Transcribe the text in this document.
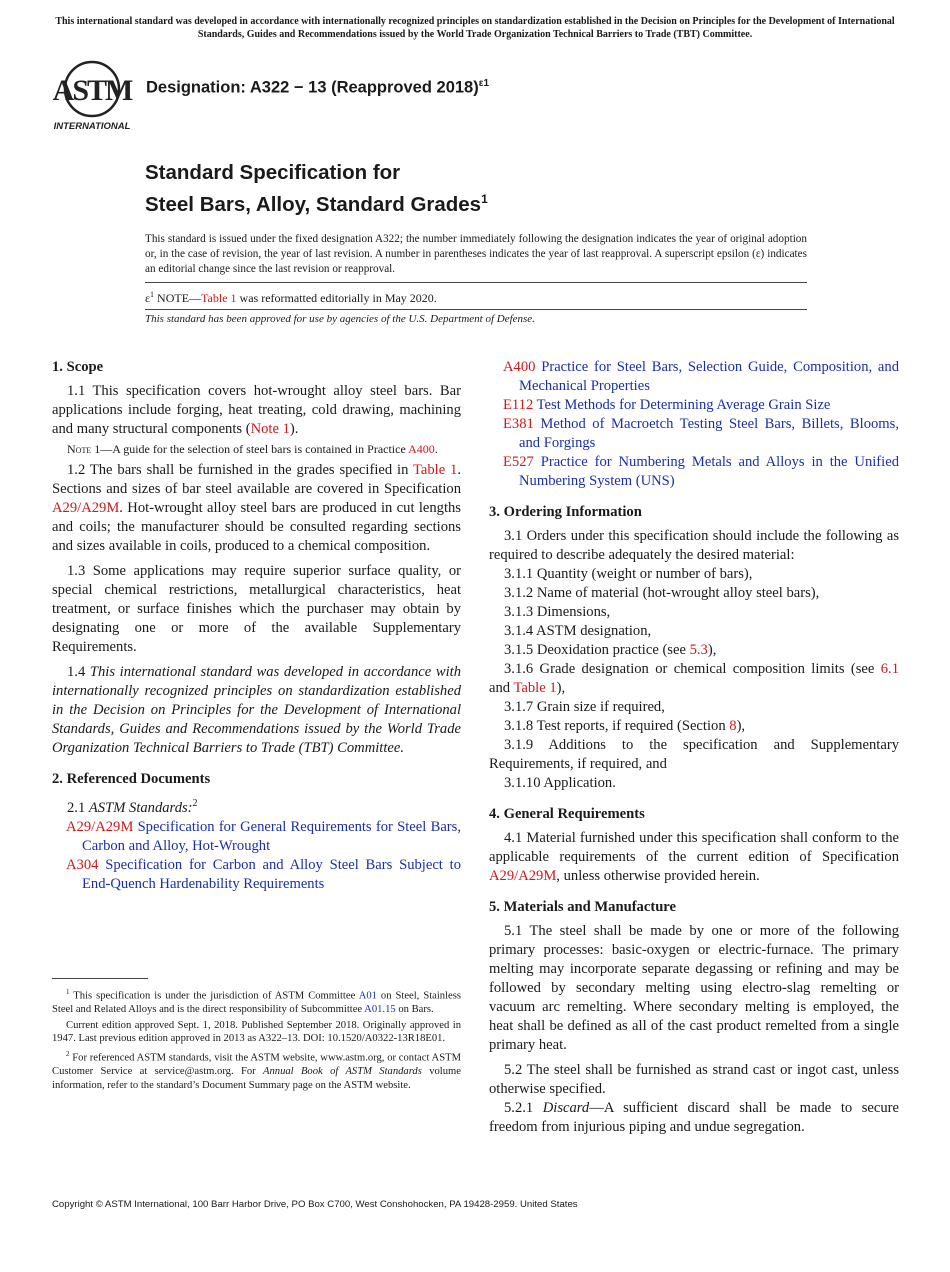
This international standard was developed in accordance with internationally recognized principles on standardization established in the Decision on Principles for the Development of International Standards, Guides and Recommendations issued by the World Trade Organization Technical Barriers to Trade (TBT) Committee.
ASTM
INTERNATIONAL
Designation: A322 − 13 (Reapproved 2018)$^{\varepsilon 1}$
Standard Specification for
Steel Bars, Alloy, Standard Grades$^1$
This standard is issued under the fixed designation A322; the number immediately following the designation indicates the year of original adoption or, in the case of revision, the year of last revision. A number in parentheses indicates the year of last reapproval. A superscript epsilon (ε) indicates an editorial change since the last revision or reapproval.
$\varepsilon^1$ NOTE—Table 1 was reformatted editorially in May 2020.
This standard has been approved for use by agencies of the U.S. Department of Defense.

1. Scope

1.1 This specification covers hot-wrought alloy steel bars. Bar applications include forging, heat treating, cold drawing, machining and many structural components (Note 1).

Note 1—A guide for the selection of steel bars is contained in Practice A400.

1.2 The bars shall be furnished in the grades specified in Table 1. Sections and sizes of bar steel available are covered in Specification A29/A29M. Hot-wrought alloy steel bars are produced in cut lengths and coils; the manufacturer should be consulted regarding sections and sizes available in coils, produced to a chemical composition.

1.3 Some applications may require superior surface quality, or special chemical restrictions, metallurgical characteristics, heat treatment, or surface finishes which the purchaser may obtain by designating one or more of the available Supplementary Requirements.

1.4 This international standard was developed in accordance with internationally recognized principles on standardization established in the Decision on Principles for the Development of International Standards, Guides and Recommendations issued by the World Trade Organization Technical Barriers to Trade (TBT) Committee.

2. Referenced Documents

2.1 ASTM Standards:$^2$

A29/A29M Specification for General Requirements for Steel Bars, Carbon and Alloy, Hot-Wrought

A304 Specification for Carbon and Alloy Steel Bars Subject to End-Quench Hardenability Requirements

A400 Practice for Steel Bars, Selection Guide, Composition, and Mechanical Properties

E112 Test Methods for Determining Average Grain Size

E381 Method of Macroetch Testing Steel Bars, Billets, Blooms, and Forgings

E527 Practice for Numbering Metals and Alloys in the Unified Numbering System (UNS)

3. Ordering Information

3.1 Orders under this specification should include the following as required to describe adequately the desired material:

3.1.1 Quantity (weight or number of bars),

3.1.2 Name of material (hot-wrought alloy steel bars),

3.1.3 Dimensions,

3.1.4 ASTM designation,

3.1.5 Deoxidation practice (see 5.3),

3.1.6 Grade designation or chemical composition limits (see 6.1 and Table 1),

3.1.7 Grain size if required,

3.1.8 Test reports, if required (Section 8),

3.1.9 Additions to the specification and Supplementary Requirements, if required, and

3.1.10 Application.

4. General Requirements

4.1 Material furnished under this specification shall conform to the applicable requirements of the current edition of Specification A29/A29M, unless otherwise provided herein.

5. Materials and Manufacture

5.1 The steel shall be made by one or more of the following primary processes: basic-oxygen or electric-furnace. The primary melting may incorporate separate degassing or refining and may be followed by secondary melting using electro-slag remelting or vacuum arc remelting. Where secondary melting is employed, the heat shall be defined as all of the cast product remelted from a single primary heat.

5.2 The steel shall be furnished as strand cast or ingot cast, unless otherwise specified.

5.2.1 Discard—A sufficient discard shall be made to secure freedom from injurious piping and undue segregation.

$^1$ This specification is under the jurisdiction of ASTM Committee A01 on Steel, Stainless Steel and Related Alloys and is the direct responsibility of Subcommittee A01.15 on Bars.

Current edition approved Sept. 1, 2018. Published September 2018. Originally approved in 1947. Last previous edition approved in 2013 as A322–13. DOI: 10.1520/A0322-13R18E01.

$^2$ For referenced ASTM standards, visit the ASTM website, www.astm.org, or contact ASTM Customer Service at service@astm.org. For Annual Book of ASTM Standards volume information, refer to the standard’s Document Summary page on the ASTM website.

Copyright © ASTM International, 100 Barr Harbor Drive, PO Box C700, West Conshohocken, PA 19428-2959. United States
